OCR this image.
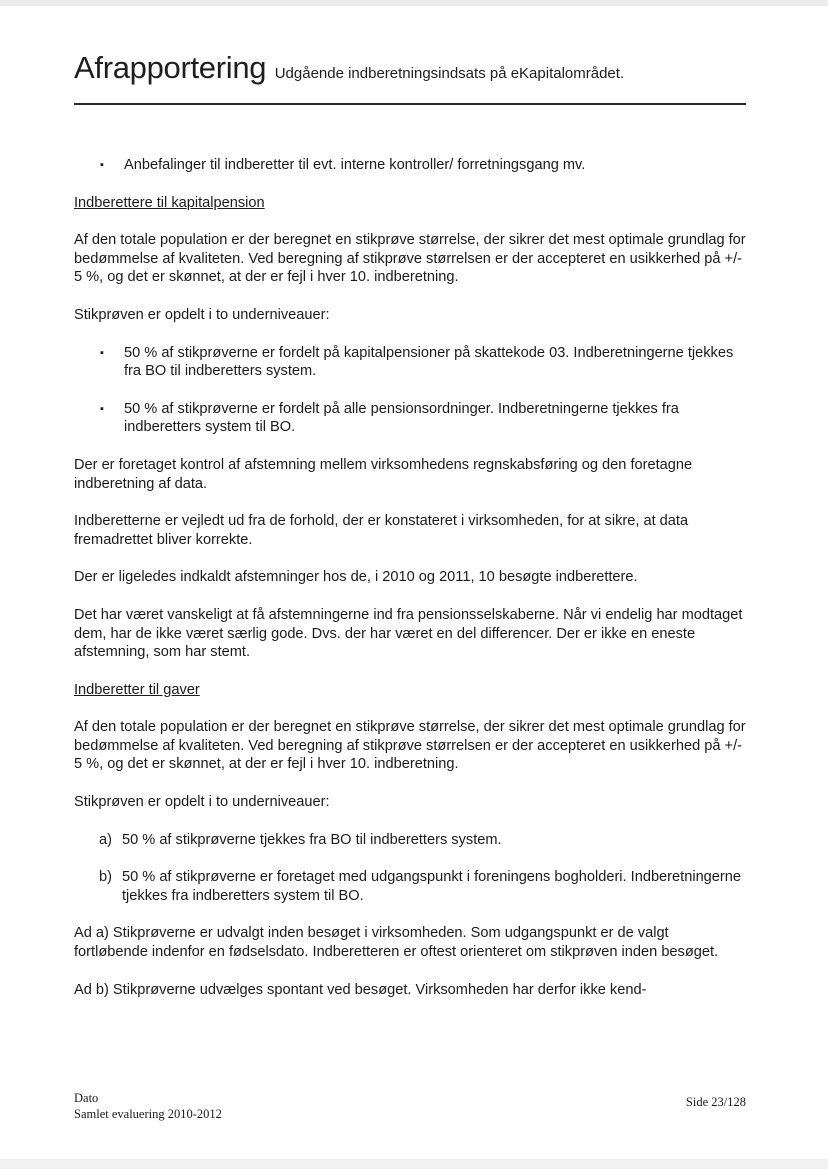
Afrapportering Udgående indberetningsindsats på eKapitalområdet.
▪ Anbefalinger til indberetter til evt. interne kontroller/ forretningsgang mv.

Indberettere til kapitalpension

Af den totale population er der beregnet en stikprøve størrelse, der sikrer det mest optimale grundlag for bedømmelse af kvaliteten. Ved beregning af stikprøve størrelsen er der accepteret en usikkerhed på +/- 5 %, og det er skønnet, at der er fejl i hver 10. indberetning.

Stikprøven er opdelt i to underniveauer:

▪ 50 % af stikprøverne er fordelt på kapitalpensioner på skattekode 03. Indberetningerne tjekkes fra BO til indberetters system.

▪ 50 % af stikprøverne er fordelt på alle pensionsordninger. Indberetningerne tjekkes fra indberetters system til BO.

Der er foretaget kontrol af afstemning mellem virksomhedens regnskabsføring og den foretagne indberetning af data.

Indberetterne er vejledt ud fra de forhold, der er konstateret i virksomheden, for at sikre, at data fremadrettet bliver korrekte.

Der er ligeledes indkaldt afstemninger hos de, i 2010 og 2011, 10 besøgte indberettere.

Det har været vanskeligt at få afstemningerne ind fra pensionsselskaberne. Når vi endelig har modtaget dem, har de ikke været særlig gode. Dvs. der har været en del differencer. Der er ikke en eneste afstemning, som har stemt.

Indberetter til gaver

Af den totale population er der beregnet en stikprøve størrelse, der sikrer det mest optimale grundlag for bedømmelse af kvaliteten. Ved beregning af stikprøve størrelsen er der accepteret en usikkerhed på +/- 5 %, og det er skønnet, at der er fejl i hver 10. indberetning.

Stikprøven er opdelt i to underniveauer:

a) 50 % af stikprøverne tjekkes fra BO til indberetters system.

b) 50 % af stikprøverne er foretaget med udgangspunkt i foreningens bogholderi. Indberetningerne tjekkes fra indberetters system til BO.

Ad a) Stikprøverne er udvalgt inden besøget i virksomheden. Som udgangspunkt er de valgt fortløbende indenfor en fødselsdato. Indberetteren er oftest orienteret om stikprøven inden besøget.

Ad b) Stikprøverne udvælges spontant ved besøget. Virksomheden har derfor ikke kend-

Dato
Samlet evaluering 2010-2012
Side 23/128
